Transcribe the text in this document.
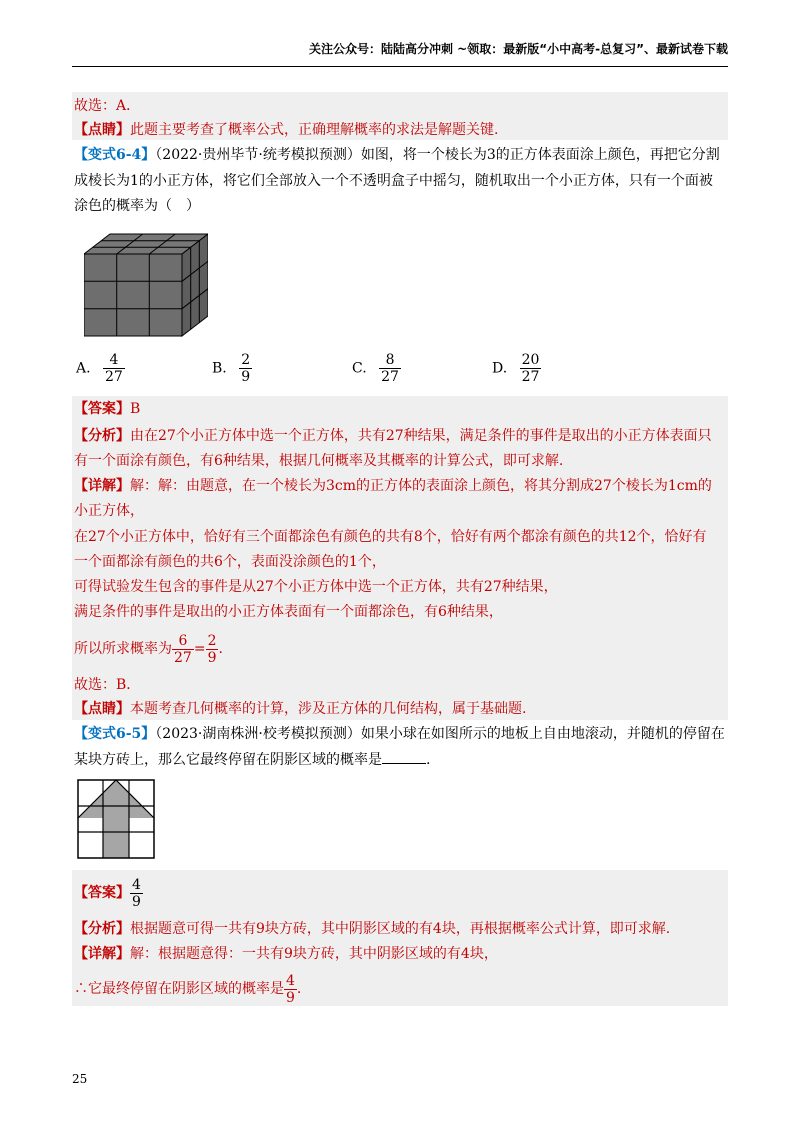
关注公众号：陆陆高分冲刺 ~领取：最新版“小中高考-总复习”、最新试卷下载
故选：A．
【点睛】此题主要考查了概率公式，正确理解概率的求法是解题关键.
【变式6-4】（2022·贵州毕节·统考模拟预测）如图，将一个棱长为3的正方体表面涂上颜色，再把它分割
成棱长为1的小正方体，将它们全部放入一个不透明盒子中摇匀，随机取出一个小正方体，只有一个面被
涂色的概率为（　）
A. $\frac{4}{27}$	B. $\frac{2}{9}$	C. $\frac{8}{27}$	D. $\frac{20}{27}$
【答案】B
【分析】由在27个小正方体中选一个正方体，共有27种结果，满足条件的事件是取出的小正方体表面只
有一个面涂有颜色，有6种结果，根据几何概率及其概率的计算公式，即可求解.
【详解】解：解：由题意，在一个棱长为3cm的正方体的表面涂上颜色，将其分割成27个棱长为1cm的
小正方体，
在27个小正方体中，恰好有三个面都涂色有颜色的共有8个，恰好有两个都涂有颜色的共12个，恰好有
一个面都涂有颜色的共6个，表面没涂颜色的1个，
可得试验发生包含的事件是从27个小正方体中选一个正方体，共有27种结果，
满足条件的事件是取出的小正方体表面有一个面都涂色，有6种结果，
所以所求概率为 $\frac{6}{27} = \frac{2}{9}$ .
故选：B．
【点睛】本题考查几何概率的计算，涉及正方体的几何结构，属于基础题.
【变式6-5】（2023·湖南株洲·校考模拟预测）如果小球在如图所示的地板上自由地滚动，并随机的停留在
某块方砖上，那么它最终停留在阴影区域的概率是	.
【答案】 $\frac{4}{9}$
【分析】根据题意可得一共有9块方砖，其中阴影区域的有4块，再根据概率公式计算，即可求解.
【详解】解：根据题意得：一共有9块方砖，其中阴影区域的有4块，
∴它最终停留在阴影区域的概率是 $\frac{4}{9}$ .
25
